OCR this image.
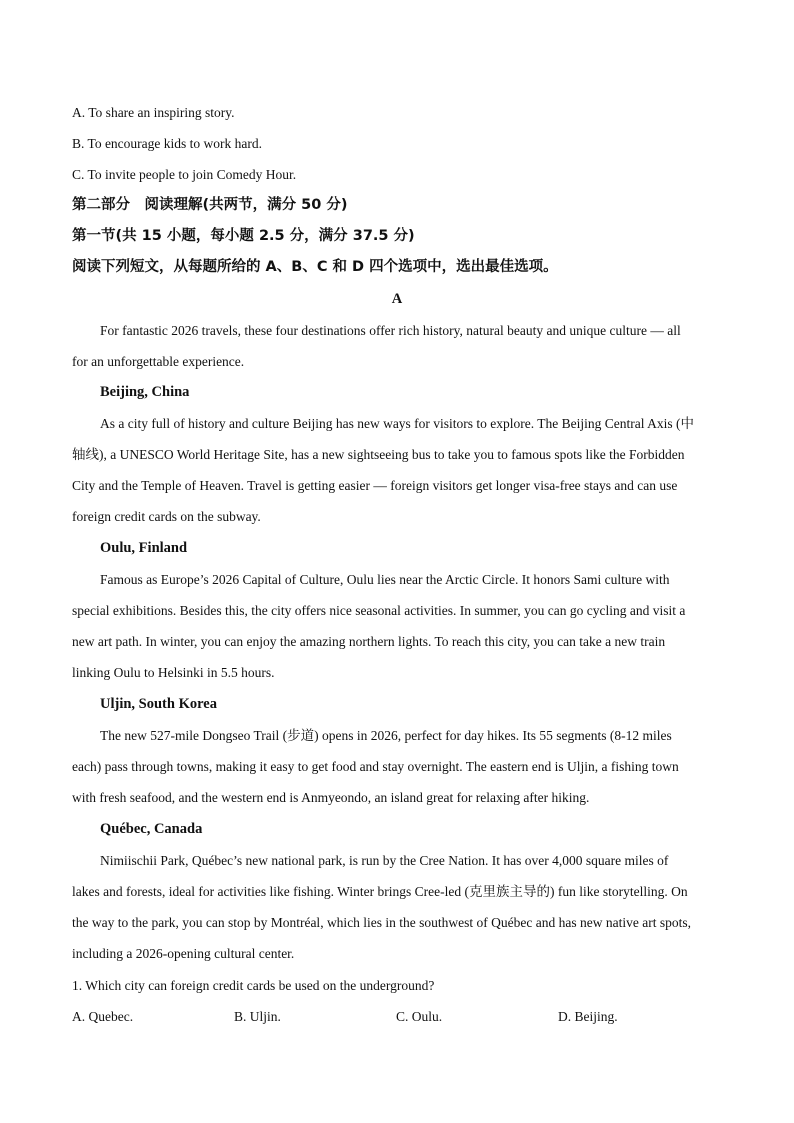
A. To share an inspiring story.
B. To encourage kids to work hard.
C. To invite people to join Comedy Hour.
第二部分　阅读理解(共两节，满分 50 分)
第一节(共 15 小题，每小题 2.5 分，满分 37.5 分)
阅读下列短文，从每题所给的 A、B、C 和 D 四个选项中，选出最佳选项。
A
For fantastic 2026 travels, these four destinations offer rich history, natural beauty and unique culture — all
for an unforgettable experience.
Beijing, China
As a city full of history and culture Beijing has new ways for visitors to explore. The Beijing Central Axis (中
轴线), a UNESCO World Heritage Site, has a new sightseeing bus to take you to famous spots like the Forbidden
City and the Temple of Heaven. Travel is getting easier — foreign visitors get longer visa-free stays and can use
foreign credit cards on the subway.
Oulu, Finland
Famous as Europe’s 2026 Capital of Culture, Oulu lies near the Arctic Circle. It honors Sami culture with
special exhibitions. Besides this, the city offers nice seasonal activities. In summer, you can go cycling and visit a
new art path. In winter, you can enjoy the amazing northern lights. To reach this city, you can take a new train
linking Oulu to Helsinki in 5.5 hours.
Uljin, South Korea
The new 527-mile Dongseo Trail (步道) opens in 2026, perfect for day hikes. Its 55 segments (8-12 miles
each) pass through towns, making it easy to get food and stay overnight. The eastern end is Uljin, a fishing town
with fresh seafood, and the western end is Anmyeondo, an island great for relaxing after hiking.
Québec, Canada
Nimiischii Park, Québec’s new national park, is run by the Cree Nation. It has over 4,000 square miles of
lakes and forests, ideal for activities like fishing. Winter brings Cree-led (克里族主导的) fun like storytelling. On
the way to the park, you can stop by Montréal, which lies in the southwest of Québec and has new native art spots,
including a 2026-opening cultural center.
1. Which city can foreign credit cards be used on the underground?
A. Quebec.	B. Uljin.	C. Oulu.	D. Beijing.
